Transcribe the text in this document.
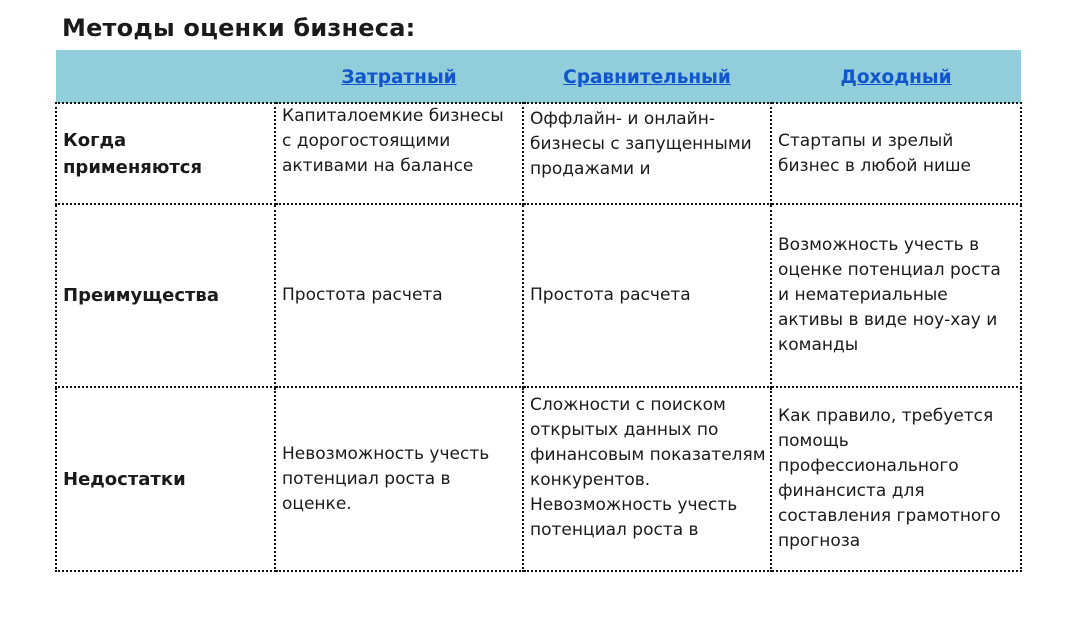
Методы оценки бизнеса:
	Затратный	Сравнительный	Доходный

Когда
применяются	Капиталоемкие бизнесы с дорогостоящими активами на балансе	Оффлайн- и онлайн-бизнесы с запущенными продажами и	Стартапы и зрелый бизнес в любой нише

Преимущества	Простота расчета	Простота расчета	Возможность учесть в оценке потенциал роста и нематериальные активы в виде ноу-хау и команды

Недостатки	Невозможность учесть потенциал роста в оценке.	Сложности с поиском открытых данных по финансовым показателям конкурентов. Невозможность учесть потенциал роста в	Как правило, требуется помощь профессионального финансиста для составления грамотного прогноза
